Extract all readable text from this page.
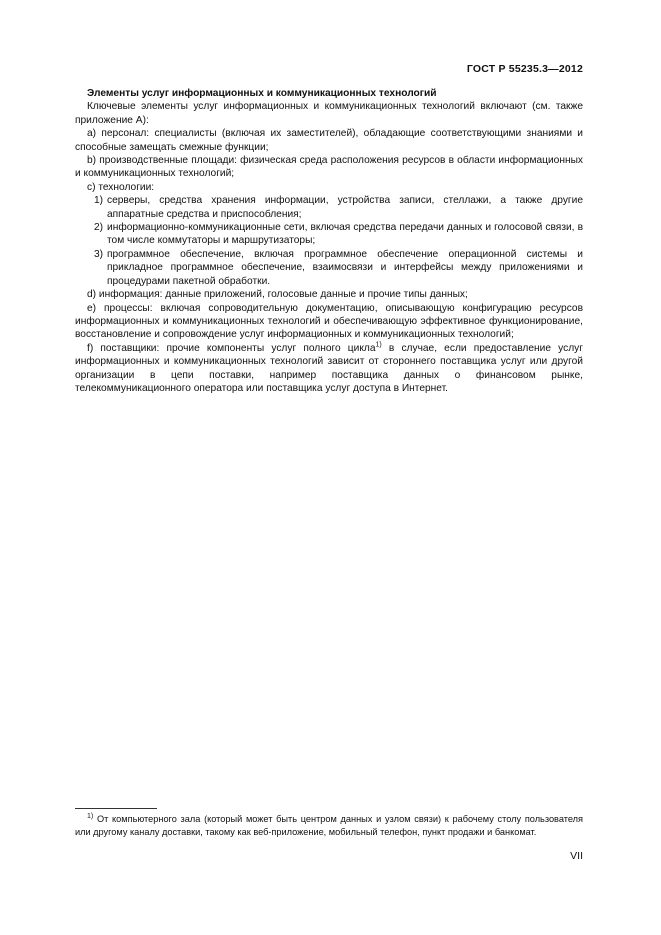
ГОСТ Р 55235.3—2012

Элементы услуг информационных и коммуникационных технологий

Ключевые элементы услуг информационных и коммуникационных технологий включают (см. также приложение А):

а) персонал: специалисты (включая их заместителей), обладающие соответствующими знаниями и способные замещать смежные функции;

b) производственные площади: физическая среда расположения ресурсов в области информационных и коммуникационных технологий;

с) технологии:

1) серверы, средства хранения информации, устройства записи, стеллажи, а также другие аппаратные средства и приспособления;
2) информационно-коммуникационные сети, включая средства передачи данных и голосовой связи, в том числе коммутаторы и маршрутизаторы;
3) программное обеспечение, включая программное обеспечение операционной системы и прикладное программное обеспечение, взаимосвязи и интерфейсы между приложениями и процедурами пакетной обработки.

d) информация: данные приложений, голосовые данные и прочие типы данных;

е) процессы: включая сопроводительную документацию, описывающую конфигурацию ресурсов информационных и коммуникационных технологий и обеспечивающую эффективное функционирование, восстановление и сопровождение услуг информационных и коммуникационных технологий;

f) поставщики: прочие компоненты услуг полного цикла$^{1)}$ в случае, если предоставление услуг информационных и коммуникационных технологий зависит от стороннего поставщика услуг или другой организации в цепи поставки, например поставщика данных о финансовом рынке, телекоммуникационного оператора или поставщика услуг доступа в Интернет.

$^{1)}$ От компьютерного зала (который может быть центром данных и узлом связи) к рабочему столу пользователя или другому каналу доставки, такому как веб-приложение, мобильный телефон, пункт продажи и банкомат.

VII
